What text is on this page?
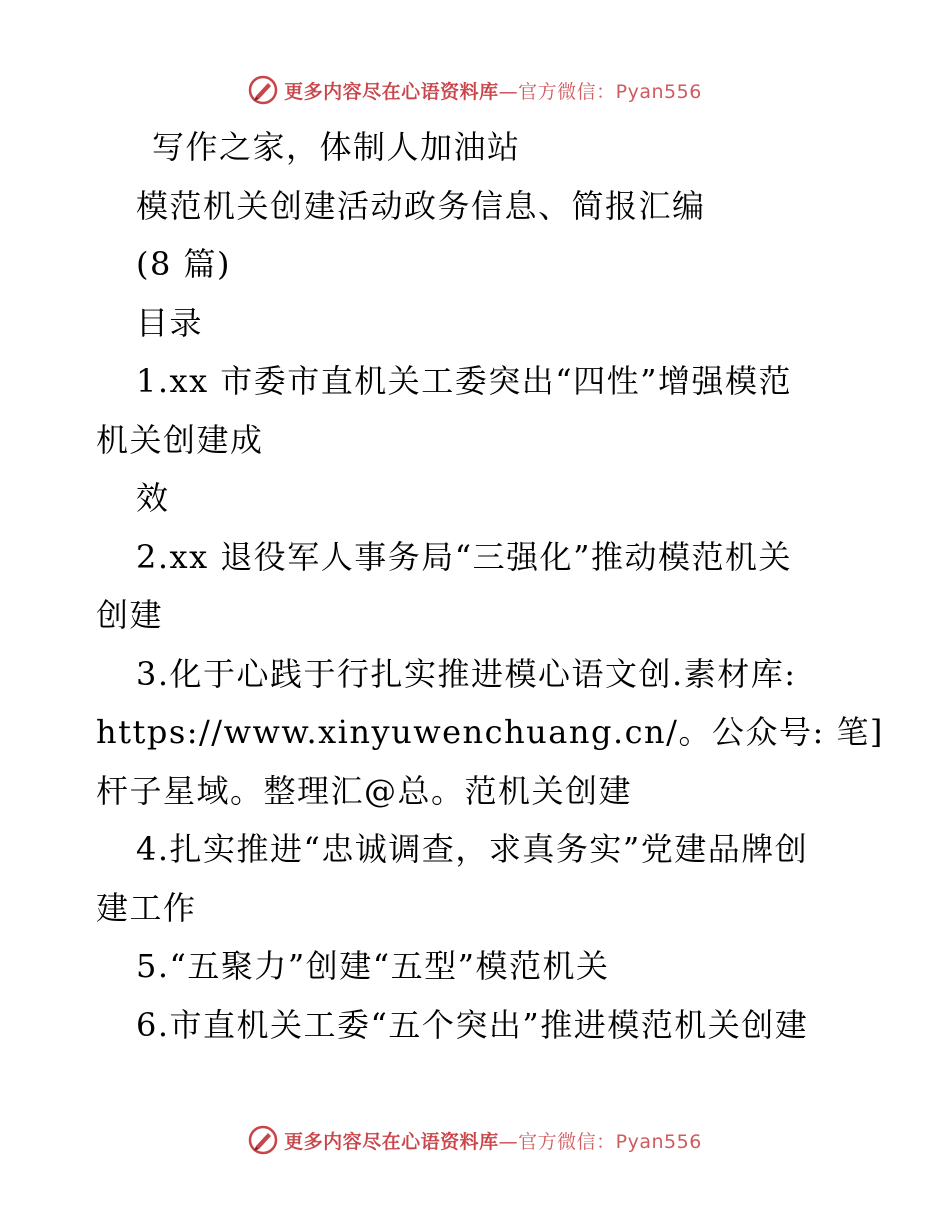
更多内容尽在心语资料库—官方微信：Pyan556
写作之家，体制人加油站
模范机关创建活动政务信息、简报汇编
(8 篇)
目录
1.xx 市委市直机关工委突出“四性”增强模范
机关创建成
效
2.xx 退役军人事务局“三强化”推动模范机关
创建
3.化于心践于行扎实推进模心语文创.素材库:
https://www.xinyuwenchuang.cn/。公众号: 笔]
杆子星域。整理汇@总。范机关创建
4.扎实推进“忠诚调查，求真务实”党建品牌创
建工作
5.“五聚力”创建“五型”模范机关
6.市直机关工委“五个突出”推进模范机关创建
更多内容尽在心语资料库—官方微信：Pyan556
